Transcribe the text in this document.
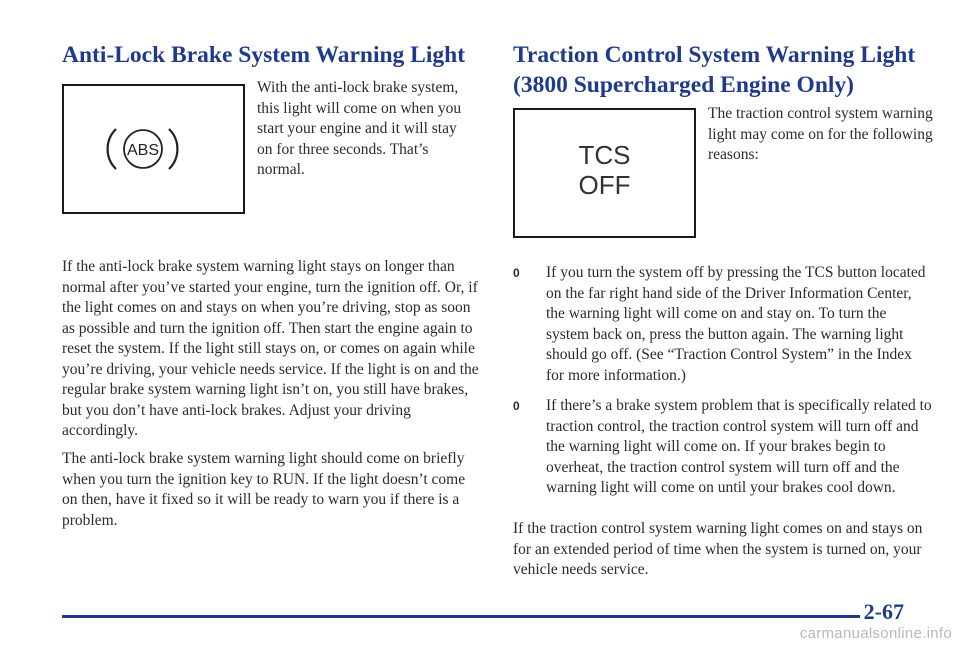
Anti-Lock Brake System Warning Light
ABS

With the anti-lock brake system, this light will come on when you start your engine and it will stay on for three seconds. That’s normal.

If the anti-lock brake system warning light stays on longer than normal after you’ve started your engine, turn the ignition off. Or, if the light comes on and stays on when you’re driving, stop as soon as possible and turn the ignition off. Then start the engine again to reset the system. If the light still stays on, or comes on again while you’re driving, your vehicle needs service. If the light is on and the regular brake system warning light isn’t on, you still have brakes, but you don’t have anti-lock brakes. Adjust your driving accordingly.

The anti-lock brake system warning light should come on briefly when you turn the ignition key to RUN. If the light doesn’t come on then, have it fixed so it will be ready to warn you if there is a problem.

Traction Control System Warning Light
(3800 Supercharged Engine Only)
TCS
OFF

The traction control system warning light may come on for the following reasons:

0 If you turn the system off by pressing the TCS button located on the far right hand side of the Driver Information Center, the warning light will come on and stay on. To turn the system back on, press the button again. The warning light should go off. (See “Traction Control System” in the Index for more information.)
0 If there’s a brake system problem that is specifically related to traction control, the traction control system will turn off and the warning light will come on. If your brakes begin to overheat, the traction control system will turn off and the warning light will come on until your brakes cool down.

If the traction control system warning light comes on and stays on for an extended period of time when the system is turned on, your vehicle needs service.

2-67
carmanualsonline.info
